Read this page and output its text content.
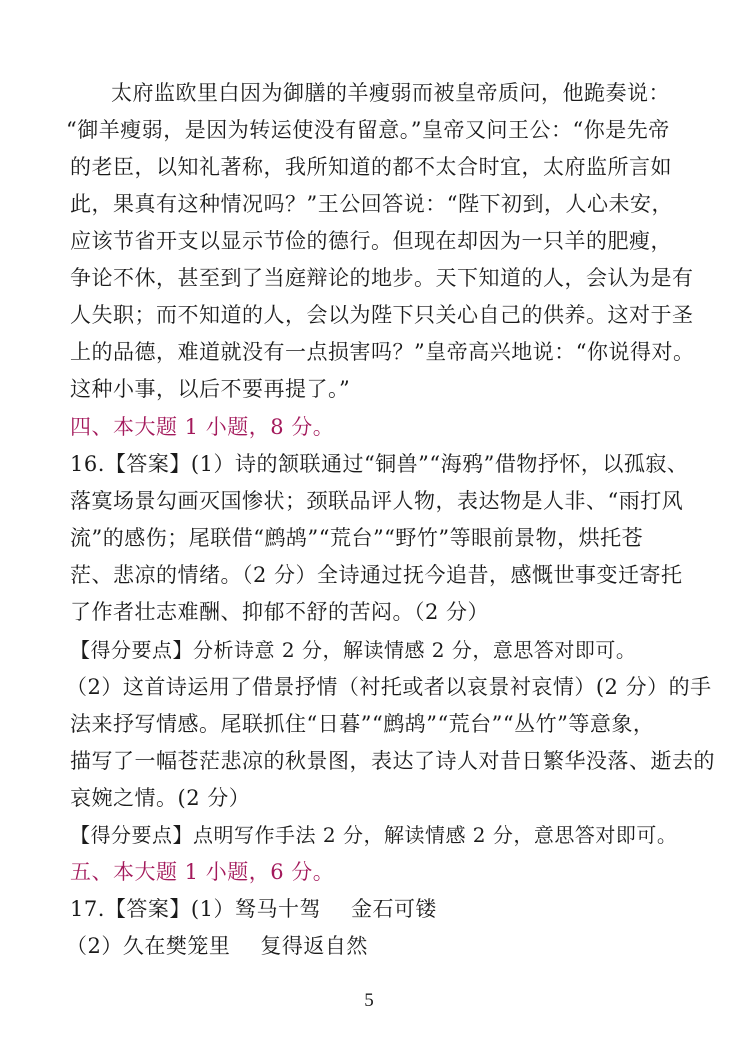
太府监欧里白因为御膳的羊瘦弱而被皇帝质问，他跪奏说：
“御羊瘦弱，是因为转运使没有留意。”皇帝又问王公：“你是先帝
的老臣，以知礼著称，我所知道的都不太合时宜，太府监所言如
此，果真有这种情况吗？”王公回答说：“陛下初到，人心未安，
应该节省开支以显示节俭的德行。但现在却因为一只羊的肥瘦，
争论不休，甚至到了当庭辩论的地步。天下知道的人，会认为是有
人失职；而不知道的人，会以为陛下只关心自己的供养。这对于圣
上的品德，难道就没有一点损害吗？”皇帝高兴地说：“你说得对。
这种小事，以后不要再提了。”
四、本大题 1 小题，8 分。
16.【答案】(1）诗的颔联通过“铜兽”“海鸦”借物抒怀，以孤寂、
落寞场景勾画灭国惨状；颈联品评人物，表达物是人非、“雨打风
流”的感伤；尾联借“鹧鸪”“荒台”“野竹”等眼前景物，烘托苍
茫、悲凉的情绪。（2 分）全诗通过抚今追昔，感慨世事变迁寄托
了作者壮志难酬、抑郁不舒的苦闷。（2 分）
【得分要点】分析诗意 2 分，解读情感 2 分，意思答对即可。
（2）这首诗运用了借景抒情（衬托或者以哀景衬哀情）(2 分）的手
法来抒写情感。尾联抓住“日暮”“鹧鸪”“荒台”“丛竹”等意象，
描写了一幅苍茫悲凉的秋景图，表达了诗人对昔日繁华没落、逝去的
哀婉之情。(2 分）
【得分要点】点明写作手法 2 分，解读情感 2 分，意思答对即可。
五、本大题 1 小题，6 分。
17.【答案】(1）驽马十驾 金石可镂
（2）久在樊笼里 复得返自然
5
